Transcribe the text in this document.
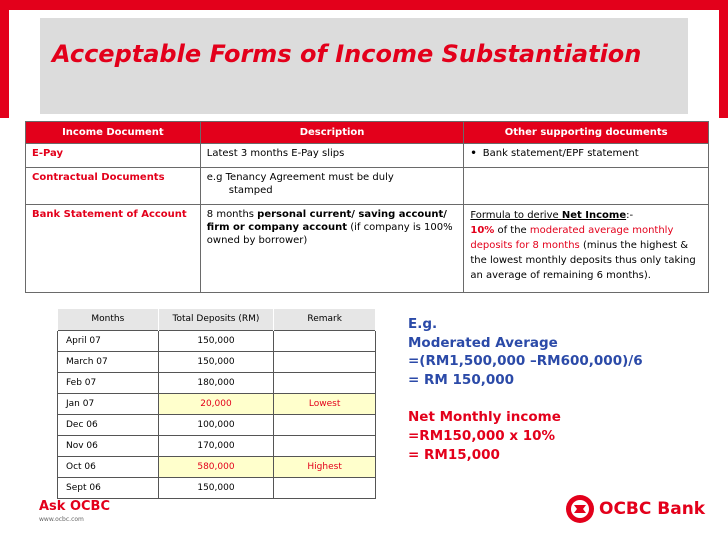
Acceptable Forms of Income Substantiation
Income Document	Description	Other supporting documents
E-Pay	Latest 3 months E-Pay slips	•Bank statement/EPF statement
Contractual Documents	e.g Tenancy Agreement must be duly
stamped	
Bank Statement of Account	8 months personal current/ saving account/ firm or company account (if company is 100% owned by borrower)	Formula to derive Net Income:-
10% of the moderated average monthly deposits for 8 months (minus the highest & the lowest monthly deposits thus only taking an average of remaining 6 months).
Months	Total Deposits (RM)	Remark
April 07	150,000	
March 07	150,000	
Feb 07	180,000	
Jan 07	20,000	Lowest
Dec 06	100,000	
Nov 06	170,000	
Oct 06	580,000	Highest
Sept 06	150,000	
E.g.
Moderated Average
=(RM1,500,000 –RM600,000)/6
= RM 150,000
Net Monthly income
=RM150,000 x 10%
= RM15,000
Ask OCBC
www.ocbc.com
OCBC Bank
